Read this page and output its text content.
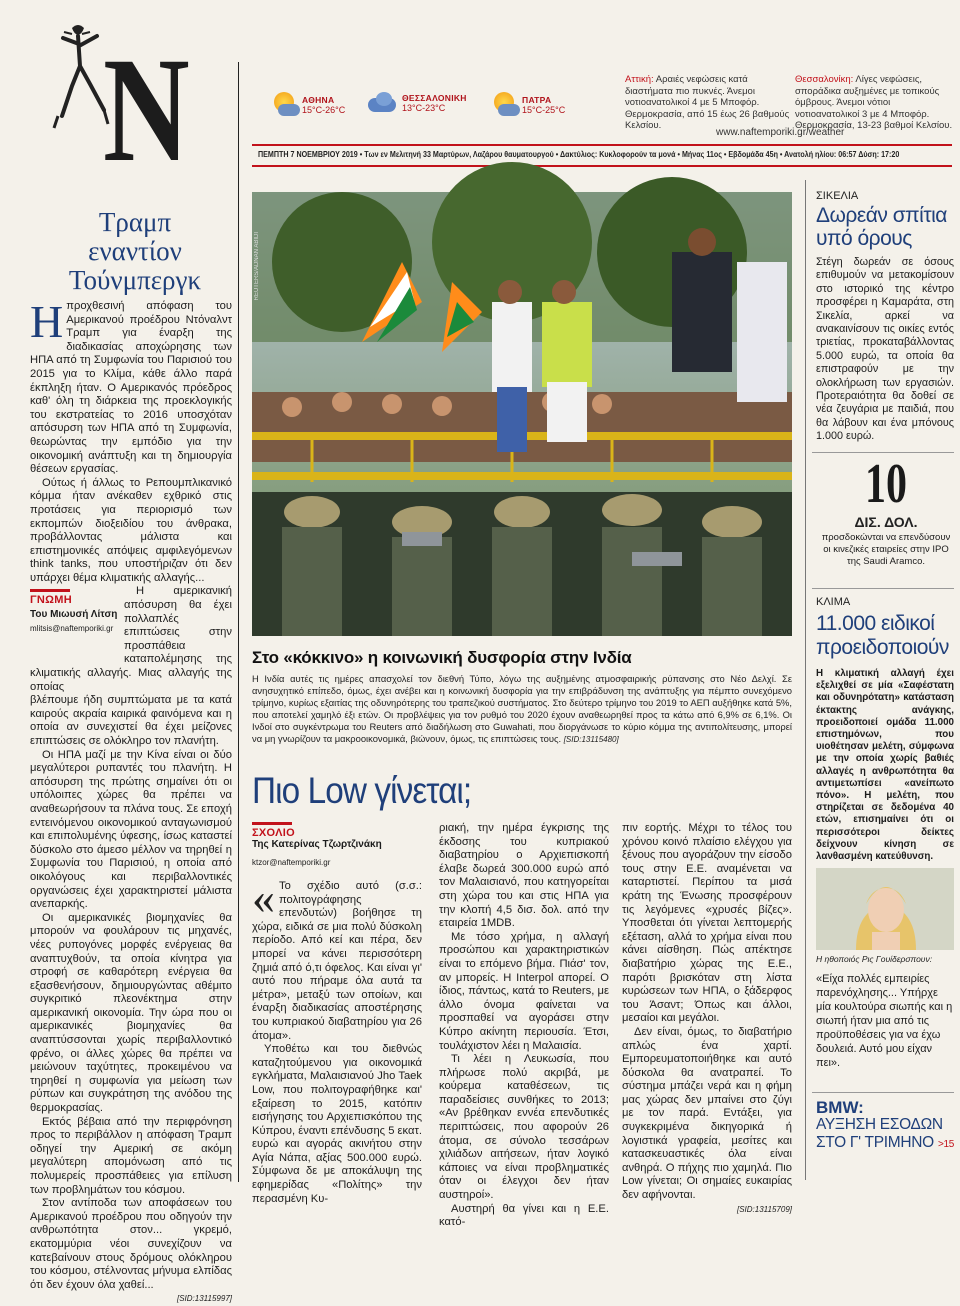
N	ΑΘΗΝΑ
15°C-26°C
ΘΕΣΣΑΛΟΝΙΚΗ
13°C-23°C
ΠΑΤΡΑ
15°C-25°C
Αττική: Αραιές νεφώσεις κατά διαστήματα πιο πυκνές. Άνεμοι νοτιοανατολικοί 4 με 5 Μποφόρ. Θερμοκρασία, από 15 έως 26 βαθμούς Κελσίου.
Θεσσαλονίκη: Λίγες νεφώσεις, σποράδικα αυξημένες με τοπικούς όμβρους. Άνεμοι νότιοι νοτιοανατολικοί 3 με 4 Μποφόρ. Θερμοκρασία, 13-23 βαθμοί Κελσίου.
www.naftemporiki.gr/weather
ΠΕΜΠΤΗ 7 ΝΟΕΜΒΡΙΟΥ 2019 • Των εν Μελιτηνή 33 Μαρτύρων, Λαζάρου θαυματουργού • Δακτύλιος: Κυκλοφορούν τα μονά • Μήνας 11ος • Εβδομάδα 45η • Ανατολή ηλίου: 06:57 Δύση: 17:20
Τραμπ εναντίον Τούνμπεργκ

Η προχθεσινή απόφαση του Αμερικανού προέδρου Ντόναλντ Τραμπ για έναρξη της διαδικασίας αποχώρησης των ΗΠΑ από τη Συμφωνία του Παρισιού του 2015 για το Κλίμα, κάθε άλλο παρά έκπληξη ήταν. Ο Αμερικανός πρόεδρος καθ' όλη τη διάρκεια της προεκλογικής του εκστρατείας το 2016 υποσχόταν απόσυρση των ΗΠΑ από τη Συμφωνία, θεωρώντας την εμπόδιο για την οικονομική ανάπτυξη και τη δημιουργία θέσεων εργασίας.

Ούτως ή άλλως το Ρεπουμπλικανικό κόμμα ήταν ανέκαθεν εχθρικό στις προτάσεις για περιορισμό των εκπομπών διοξειδίου του άνθρακα, προβάλλοντας μάλιστα και επιστημονικές απόψεις αμφιλεγόμενων think tanks, που υποστήριζαν ότι δεν υπάρχει θέμα κλιματικής αλλαγής...

ΓΝΩΜΗ
Του Μιωυσή Λίτση
mlitsis@naftemporiki.gr

Η αμερικανική απόσυρση θα έχει πολλαπλές επιπτώσεις στην προσπάθεια καταπολέμησης της κλιματικής αλλαγής. Μιας αλλαγής της οποίας

βλέπουμε ήδη συμπτώματα με τα κατά καιρούς ακραία καιρικά φαινόμενα και η οποία αν συνεχιστεί θα έχει μείζονες επιπτώσεις σε ολόκληρο τον πλανήτη.

Οι ΗΠΑ μαζί με την Κίνα είναι οι δύο μεγαλύτεροι ρυπαντές του πλανήτη. Η απόσυρση της πρώτης σημαίνει ότι οι υπόλοιπες χώρες θα πρέπει να αναθεωρήσουν τα πλάνα τους. Σε εποχή εντεινόμενου οικονομικού ανταγωνισμού και επιπολυμένης ύφεσης, ίσως καταστεί δύσκολο στο άμεσο μέλλον να τηρηθεί η Συμφωνία του Παρισιού, η οποία από οικολόγους και περιβαλλοντικές οργανώσεις έχει χαρακτηριστεί μάλιστα ανεπαρκής.

Οι αμερικανικές βιομηχανίες θα μπορούν να φουλάρουν τις μηχανές, νέες ρυπογόνες μορφές ενέργειας θα αναπτυχθούν, τα οποία κίνητρα για στροφή σε καθαρότερη ενέργεια θα εξασθενήσουν, δημιουργώντας αθέμιτο συγκριτικό πλεονέκτημα στην αμερικανική οικονομία. Την ώρα που οι αμερικανικές βιομηχανίες θα αναπτύσσονται χωρίς περιβαλλοντικό φρένο, οι άλλες χώρες θα πρέπει να μειώνουν ταχύτητες, προκειμένου να τηρηθεί η συμφωνία για μείωση των ρύπων και συγκράτηση της ανόδου της θερμοκρασίας.

Εκτός βέβαια από την περιφρόνηση προς το περιβάλλον η απόφαση Τραμπ οδηγεί την Αμερική σε ακόμη μεγαλύτερη απομόνωση από τις πολυμερείς προσπάθειες για επίλυση των προβλημάτων του κόσμου.

Στον αντίποδα των αποφάσεων του Αμερικανού προέδρου που οδηγούν την ανθρωπότητα στον... γκρεμό, εκατομμύρια νέοι συνεχίζουν να κατεβαίνουν στους δρόμους ολόκληρου του κόσμου, στέλνοντας μήνυμα ελπίδας ότι δεν έχουν όλα χαθεί...

[SID:13115997]
REUTERS/ADNAN ABIDI
Στο «κόκκινο» η κοινωνική δυσφορία στην Ινδία
Η Ινδία αυτές τις ημέρες απασχολεί τον διεθνή Τύπο, λόγω της αυξημένης ατμοσφαιρικής ρύπανσης στο Νέο Δελχί. Σε ανησυχητικό επίπεδο, όμως, έχει ανέβει και η κοινωνική δυσφορία για την επιβράδυνση της ανάπτυξης για πέμπτο συνεχόμενο τρίμηνο, κυρίως εξαιτίας της οδυνηρότερης του τραπεζικού συστήματος. Στο δεύτερο τρίμηνο του 2019 το ΑΕΠ αυξήθηκε κατά 5%, που αποτελεί χαμηλό έξι ετών. Οι προβλέψεις για τον ρυθμό του 2020 έχουν αναθεωρηθεί προς τα κάτω από 6,9% σε 6,1%. Οι Ινδοί στο συγκέντρωμα του Reuters από διαδήλωση στο Guwahati, που διοργάνωσε το κύριο κόμμα της αντιπολίτευσης, μπορεί να μη γνωρίζουν τα μακροοικονομικά, βιώνουν, όμως, τις επιπτώσεις τους. [SID:13115480]
Πιο Low γίνεται;
ΣΧΟΛΙΟ
Της Κατερίνας Τζωρτζινάκη
ktzor@naftemporiki.gr

« Το σχέδιο αυτό (σ.σ.: πολιτογράφησης επενδυτών) βοήθησε τη χώρα, ειδικά σε μια πολύ δύσκολη περίοδο. Από κεί και πέρα, δεν μπορεί να κάνει περισσότερη ζημιά από ό,τι όφελος. Και είναι γι' αυτό που πήραμε όλα αυτά τα μέτρα», μεταξύ των οποίων, και έναρξη διαδικασίας αποστέρησης του κυπριακού διαβατηρίου για 26 άτομα».

Υποθέτω και του διεθνώς καταζητούμενου για οικονομικά εγκλήματα, Μαλαισιανού Jho Taek Low, που πολιτογραφήθηκε και' εξαίρεση το 2015, κατόπιν εισήγησης του Αρχιεπισκόπου της Κύπρου, έναντι επένδυσης 5 εκατ. ευρώ και αγοράς ακινήτου στην Αγία Νάπα, αξίας 500.000 ευρώ. Σύμφωνα δε με αποκάλυψη της εφημερίδας «Πολίτης» την περασμένη Κυ-

ριακή, την ημέρα έγκρισης της έκδοσης του κυπριακού διαβατηρίου ο Αρχιεπισκοπή έλαβε δωρεά 300.000 ευρώ από τον Μαλαισιανό, που κατηγορείται στη χώρα του και στις ΗΠΑ για την κλοπή 4,5 δισ. δολ. από την εταιρεία 1MDB.

Με τόσο χρήμα, η αλλαγή προσώπου και χαρακτηριστικών είναι το επόμενο βήμα. Πιάσ' τον, αν μπορείς. Η Interpol απορεί. Ο ίδιος, πάντως, κατά το Reuters, με άλλο όνομα φαίνεται να προσπαθεί να αγοράσει στην Κύπρο ακίνητη περιουσία. Έτσι, τουλάχιστον λέει η Μαλαισία.

Τι λέει η Λευκωσία, που πλήρωσε πολύ ακριβά, με κούρεμα καταθέσεων, τις παραδείσιες συνθήκες το 2013; «Αν βρέθηκαν εννέα επενδυτικές περιπτώσεις, που αφορούν 26 άτομα, σε σύνολο τεσσάρων χιλιάδων αιτήσεων, ήταν λογικό κάποιες να είναι προβληματικές όταν οι έλεγχοι δεν ήταν αυστηροί».

Αυστηρή θα γίνει και η Ε.Ε. κατό-

πιν εορτής. Μέχρι το τέλος του χρόνου κοινό πλαίσιο ελέγχου για ξένους που αγοράζουν την είσοδο τους στην Ε.Ε. αναμένεται να καταρτιστεί. Περίπου τα μισά κράτη της Ένωσης προσφέρουν τις λεγόμενες «χρυσές βίζες». Υποσθεται ότι γίνεται λεπτομερής εξέταση, αλλά το χρήμα είναι που κάνει αίσθηση. Πώς απέκτησε διαβατήριο χώρας της Ε.Ε., παρότι βρισκόταν στη λίστα κυρώσεων των ΗΠΑ, ο ξάδερφος του Άσαντ; Όπως και άλλοι, μεσαίοι και μεγάλοι.

Δεν είναι, όμως, το διαβατήριο απλώς ένα χαρτί. Εμπορευματοποιήθηκε και αυτό δύσκολα θα ανατραπεί. Το σύστημα μπάζει νερά και η φήμη μας χώρας δεν μπαίνει στο ζύγι με τον παρά. Εντάξει, για συγκεκριμένα δικηγορικά ή λογιστικά γραφεία, μεσίτες και κατασκευαστικές όλα είναι ανθηρά. Ο πήχης πιο χαμηλά. Πιο Low γίνεται; Οι σημαίες ευκαιρίας δεν αφήνονται.

[SID:13115709]
ΣΙΚΕΛΙΑ
Δωρεάν σπίτια υπό όρους
Στέγη δωρεάν σε όσους επιθυμούν να μετακομίσουν στο ιστορικό της κέντρο προσφέρει η Καμαράτα, στη Σικελία, αρκεί να ανακαινίσουν τις οικίες εντός τριετίας, προκαταβάλλοντας 5.000 ευρώ, τα οποία θα επιστραφούν με την ολοκλήρωση των εργασιών. Προτεραιότητα θα δοθεί σε νέα ζευγάρια με παιδιά, που θα λάβουν και ένα μπόνους 1.000 ευρώ.
10
ΔΙΣ. ΔΟΛ.
προσδοκώνται να επενδύσουν οι κινεζικές εταιρείες στην IPO της Saudi Aramco.
ΚΛΙΜΑ
11.000 ειδικοί προειδοποιούν
Η κλιματική αλλαγή έχει εξελιχθεί σε μία «Σαφέστατη και οδυνηρότατη» κατάσταση έκτακτης ανάγκης, προειδοποιεί ομάδα 11.000 επιστημόνων, που υιοθέτησαν μελέτη, σύμφωνα με την οποία χωρίς βαθιές αλλαγές η ανθρωπότητα θα αντιμετωπίσει «ανείπωτο πόνο». Η μελέτη, που στηρίζεται σε δεδομένα 40 ετών, επισημαίνει ότι οι περισσότεροι δείκτες δείχνουν κίνηση σε λανθασμένη κατεύθυνση.
Η ηθοποιός Ρις Γουίδερσπουν:
«Είχα πολλές εμπειρίες παρενόχλησης... Υπήρχε μία κουλτούρα σιωπής και η σιωπή ήταν μια από τις προϋποθέσεις για να έχω δουλειά. Αυτό μου είχαν πει».
BMW:
ΑΥΞΗΣΗ ΕΣΟΔΩΝ ΣΤΟ Γ' ΤΡΙΜΗΝΟ >15
